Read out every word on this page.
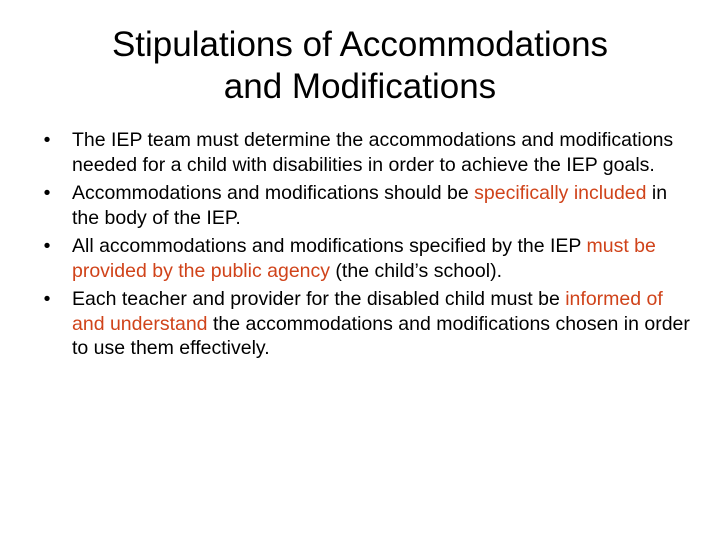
Stipulations of Accommodations
and Modifications
•	The IEP team must determine the accommodations and modifications needed for a child with disabilities in order to achieve the IEP goals.
•	Accommodations and modifications should be specifically included in the body of the IEP.
•	All accommodations and modifications specified by the IEP must be provided by the public agency (the child’s school).
•	Each teacher and provider for the disabled child must be informed of and understand the accommodations and modifications chosen in order to use them effectively.
